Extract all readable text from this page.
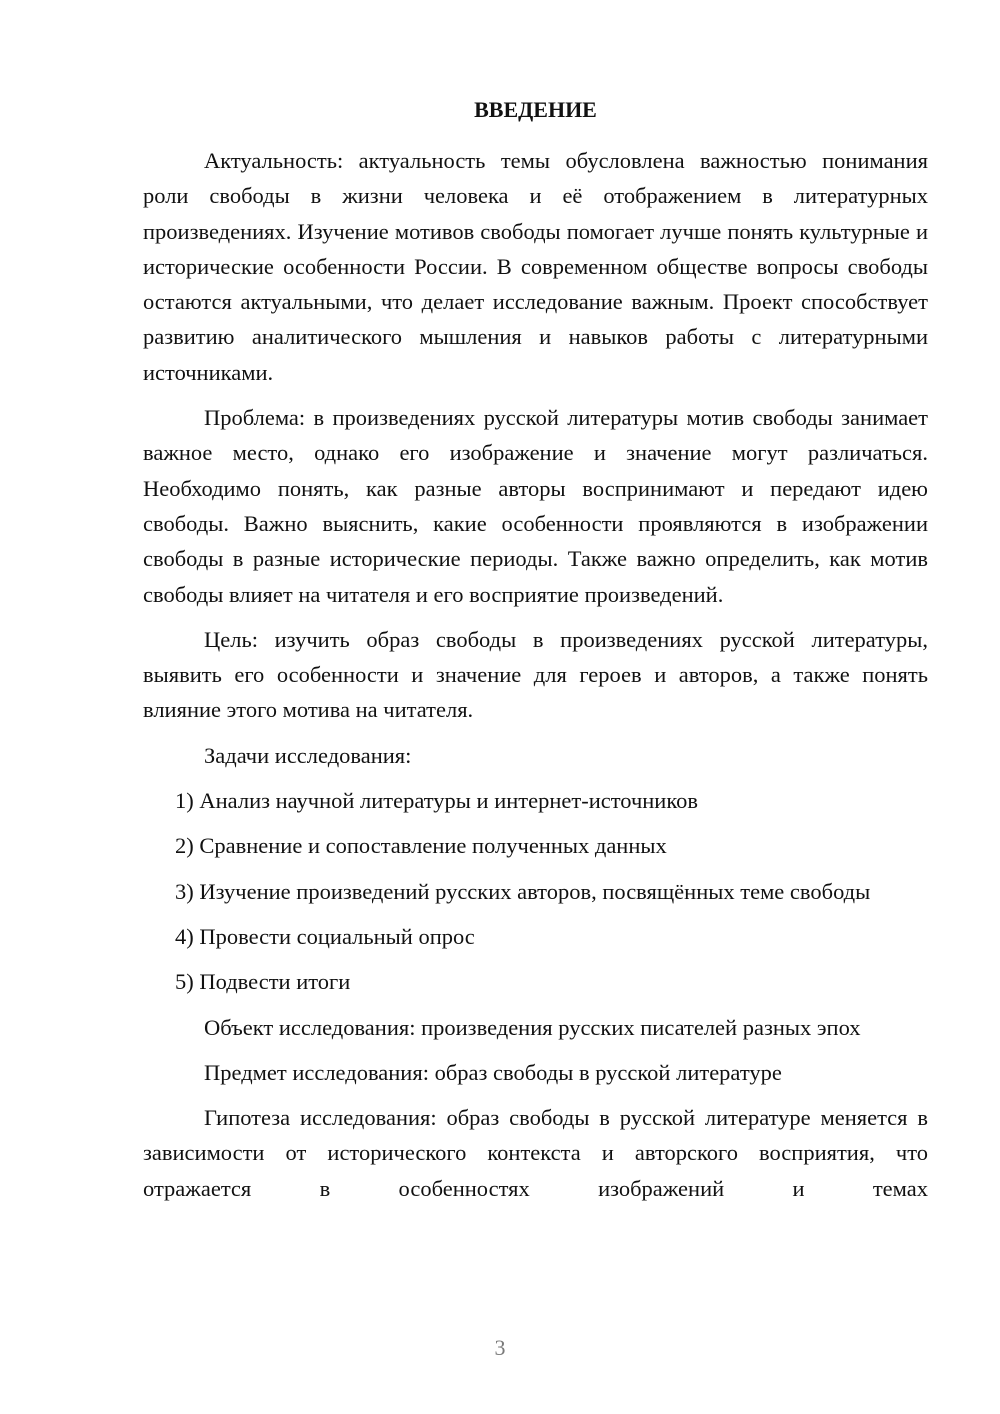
ВВЕДЕНИЕ

Актуальность: актуальность темы обусловлена важностью понимания роли свободы в жизни человека и её отображением в литературных произведениях. Изучение мотивов свободы помогает лучше понять культурные и исторические особенности России. В современном обществе вопросы свободы остаются актуальными, что делает исследование важным. Проект способствует развитию аналитического мышления и навыков работы с литературными источниками.

Проблема: в произведениях русской литературы мотив свободы занимает важное место, однако его изображение и значение могут различаться. Необходимо понять, как разные авторы воспринимают и передают идею свободы. Важно выяснить, какие особенности проявляются в изображении свободы в разные исторические периоды. Также важно определить, как мотив свободы влияет на читателя и его восприятие произведений.

Цель: изучить образ свободы в произведениях русской литературы, выявить его особенности и значение для героев и авторов, а также понять влияние этого мотива на читателя.

Задачи исследования:

1) Анализ научной литературы и интернет-источников

2) Сравнение и сопоставление полученных данных

3) Изучение произведений русских авторов, посвящённых теме свободы

4) Провести социальный опрос

5) Подвести итоги

Объект исследования: произведения русских писателей разных эпох

Предмет исследования: образ свободы в русской литературе

Гипотеза исследования: образ свободы в русской литературе меняется в зависимости от исторического контекста и авторского восприятия, что отражается в особенностях изображений и темах

3
